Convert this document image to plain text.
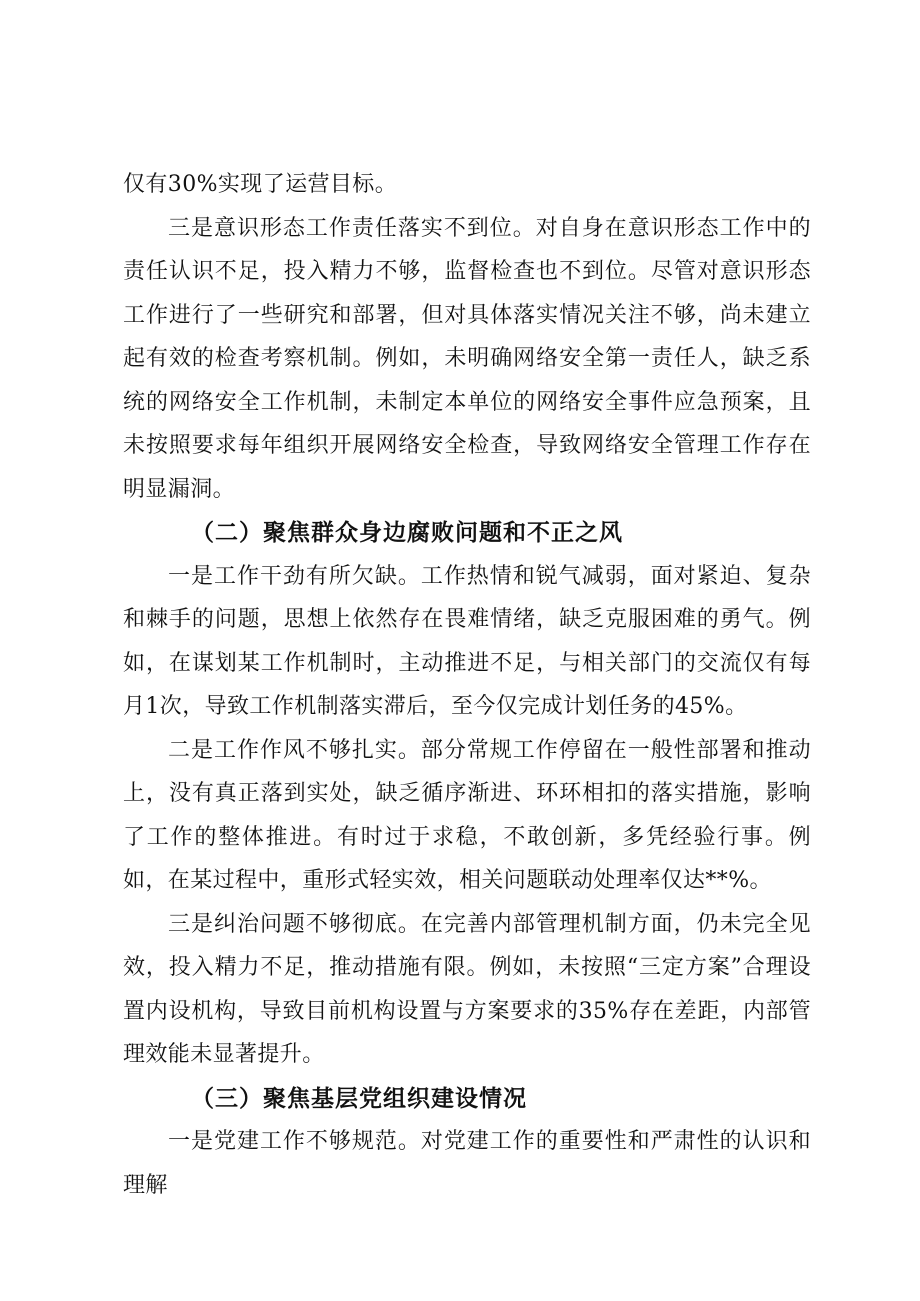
仅有30%实现了运营目标。

三是意识形态工作责任落实不到位。对自身在意识形态工作中的责任认识不足，投入精力不够，监督检查也不到位。尽管对意识形态工作进行了一些研究和部署，但对具体落实情况关注不够，尚未建立起有效的检查考察机制。例如，未明确网络安全第一责任人，缺乏系统的网络安全工作机制，未制定本单位的网络安全事件应急预案，且未按照要求每年组织开展网络安全检查，导致网络安全管理工作存在明显漏洞。

（二）聚焦群众身边腐败问题和不正之风

一是工作干劲有所欠缺。工作热情和锐气减弱，面对紧迫、复杂和棘手的问题，思想上依然存在畏难情绪，缺乏克服困难的勇气。例如，在谋划某工作机制时，主动推进不足，与相关部门的交流仅有每月1次，导致工作机制落实滞后，至今仅完成计划任务的45%。

二是工作作风不够扎实。部分常规工作停留在一般性部署和推动上，没有真正落到实处，缺乏循序渐进、环环相扣的落实措施，影响了工作的整体推进。有时过于求稳，不敢创新，多凭经验行事。例如，在某过程中，重形式轻实效，相关问题联动处理率仅达**%。

三是纠治问题不够彻底。在完善内部管理机制方面，仍未完全见效，投入精力不足，推动措施有限。例如，未按照“三定方案”合理设置内设机构，导致目前机构设置与方案要求的35%存在差距，内部管理效能未显著提升。

（三）聚焦基层党组织建设情况

一是党建工作不够规范。对党建工作的重要性和严肃性的认识和理解
